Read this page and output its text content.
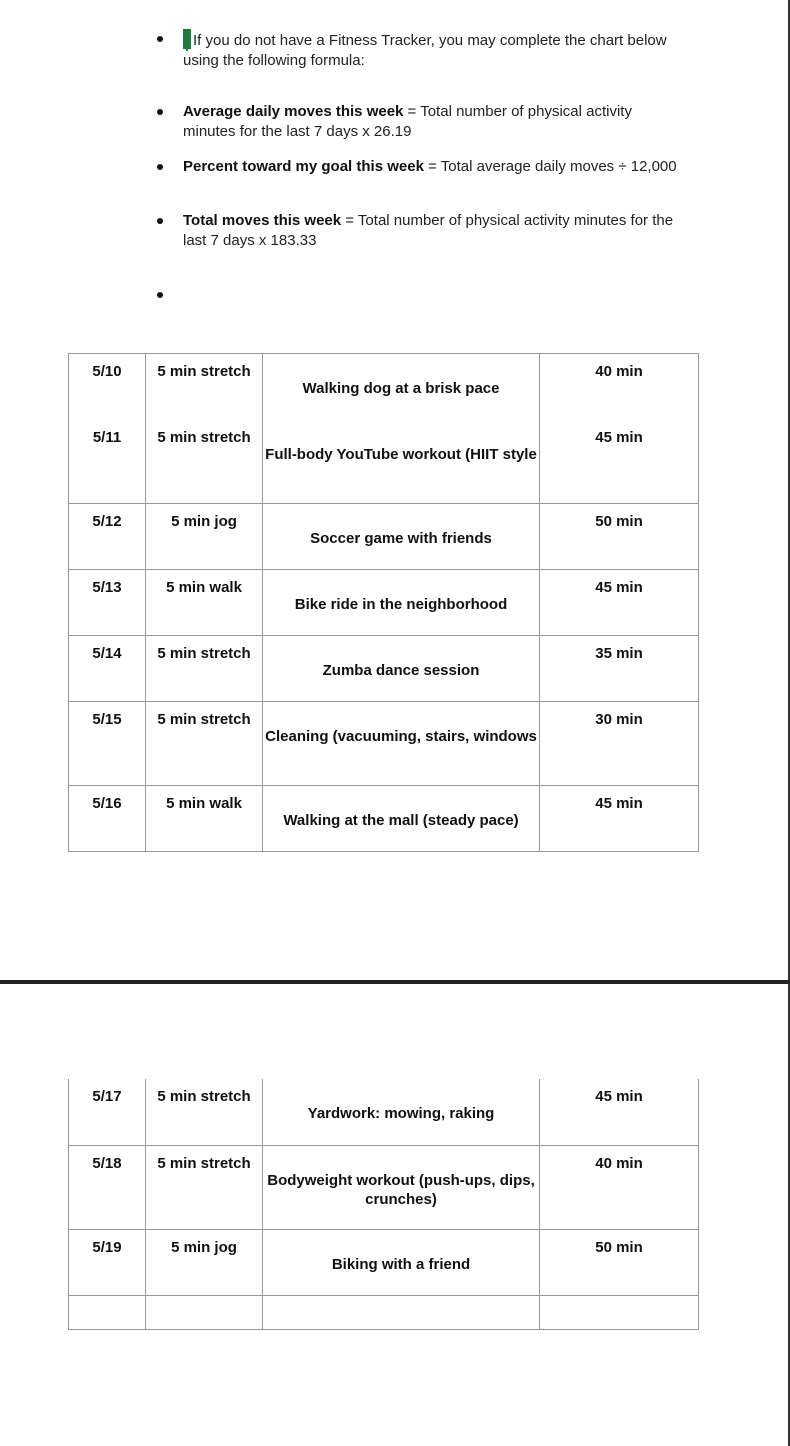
If you do not have a Fitness Tracker, you may complete the chart below using the following formula:
Average daily moves this week = Total number of physical activity minutes for the last 7 days x 26.19
Percent toward my goal this week = Total average daily moves ÷ 12,000
Total moves this week = Total number of physical activity minutes for the last 7 days x 183.33
5/10	5 min stretch	Walking dog at a brisk pace	40 min

5/11	5 min stretch	Full-body YouTube workout (HIIT style	45 min

5/12	5 min jog	Soccer game with friends	50 min

5/13	5 min walk	Bike ride in the neighborhood	45 min

5/14	5 min stretch	Zumba dance session	35 min

5/15	5 min stretch	Cleaning (vacuuming, stairs, windows	30 min

5/16	5 min walk	Walking at the mall (steady pace)	45 min
5/17	5 min stretch	Yardwork: mowing, raking	45 min

5/18	5 min stretch	Bodyweight workout (push-ups, dips, crunches)	40 min

5/19	5 min jog	Biking with a friend	50 min
